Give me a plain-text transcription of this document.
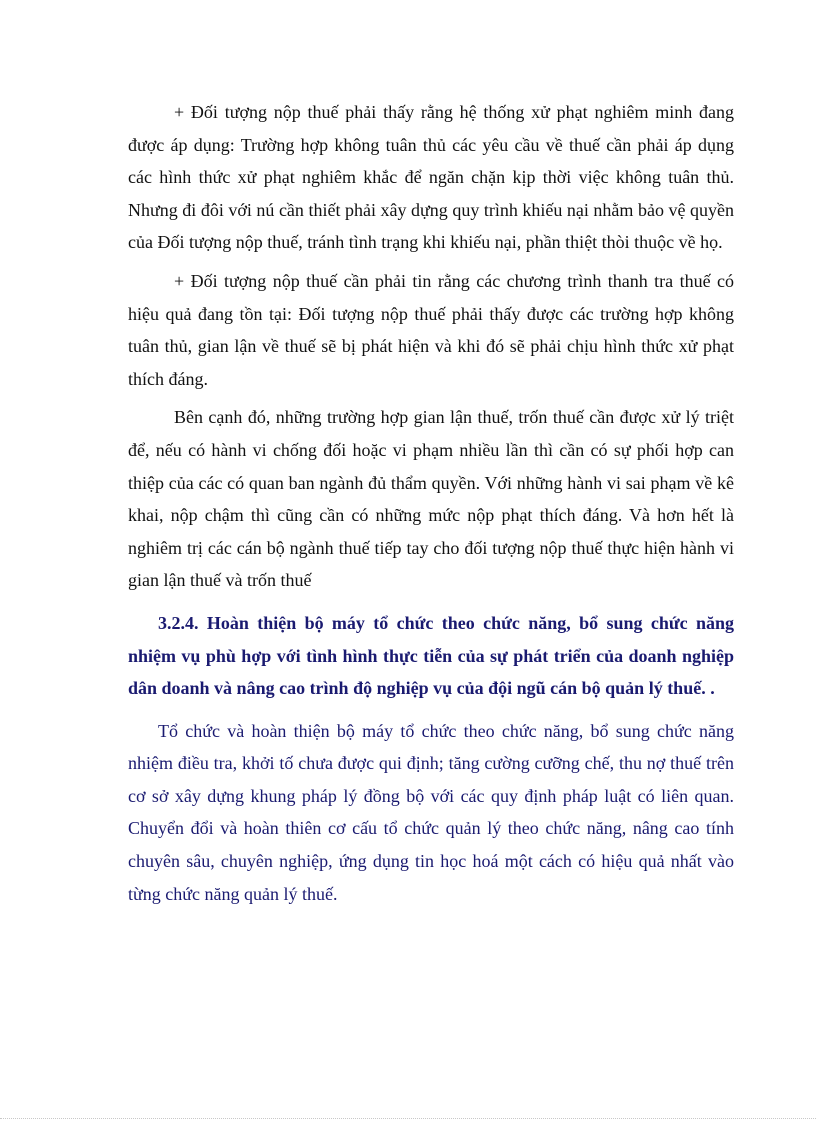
+ Đối tượng nộp thuế phải thấy rằng hệ thống xử phạt nghiêm minh đang được áp dụng: Trường hợp không tuân thủ các yêu cầu về thuế cần phải áp dụng các hình thức xử phạt nghiêm khắc để ngăn chặn kịp thời việc không tuân thủ. Nhưng đi đôi với nú cần thiết phải xây dựng quy trình khiếu nại nhằm bảo vệ quyền của Đối tượng nộp thuế, tránh tình trạng khi khiếu nại, phần thiệt thòi thuộc về họ.

+ Đối tượng nộp thuế cần phải tin rằng các chương trình thanh tra thuế có hiệu quả đang tồn tại: Đối tượng nộp thuế phải thấy được các trường hợp không tuân thủ, gian lận về thuế sẽ bị phát hiện và khi đó sẽ phải chịu hình thức xử phạt thích đáng.

Bên cạnh đó, những trường hợp gian lận thuế, trốn thuế cần được xử lý triệt để, nếu có hành vi chống đối hoặc vi phạm nhiều lần thì cần có sự phối hợp can thiệp của các có quan ban ngành đủ thẩm quyền. Với những hành vi sai phạm về kê khai, nộp chậm thì cũng cần có những mức nộp phạt thích đáng. Và hơn hết là nghiêm trị các cán bộ ngành thuế tiếp tay cho đối tượng nộp thuế thực hiện hành vi gian lận thuế và trốn thuế

3.2.4. Hoàn thiện bộ máy tổ chức theo chức năng, bổ sung chức năng nhiệm vụ phù hợp với tình hình thực tiễn của sự phát triển của doanh nghiệp dân doanh và nâng cao trình độ nghiệp vụ của đội ngũ cán bộ quản lý thuế. .

Tổ chức và hoàn thiện bộ máy tổ chức theo chức năng, bổ sung chức năng nhiệm điều tra, khởi tố chưa được qui định; tăng cường cưỡng chế, thu nợ thuế trên cơ sở xây dựng khung pháp lý đồng bộ với các quy định pháp luật có liên quan. Chuyển đổi và hoàn thiên cơ cấu tổ chức quản lý theo chức năng, nâng cao tính chuyên sâu, chuyên nghiệp, ứng dụng tin học hoá một cách có hiệu quả nhất vào từng chức năng quản lý thuế.
